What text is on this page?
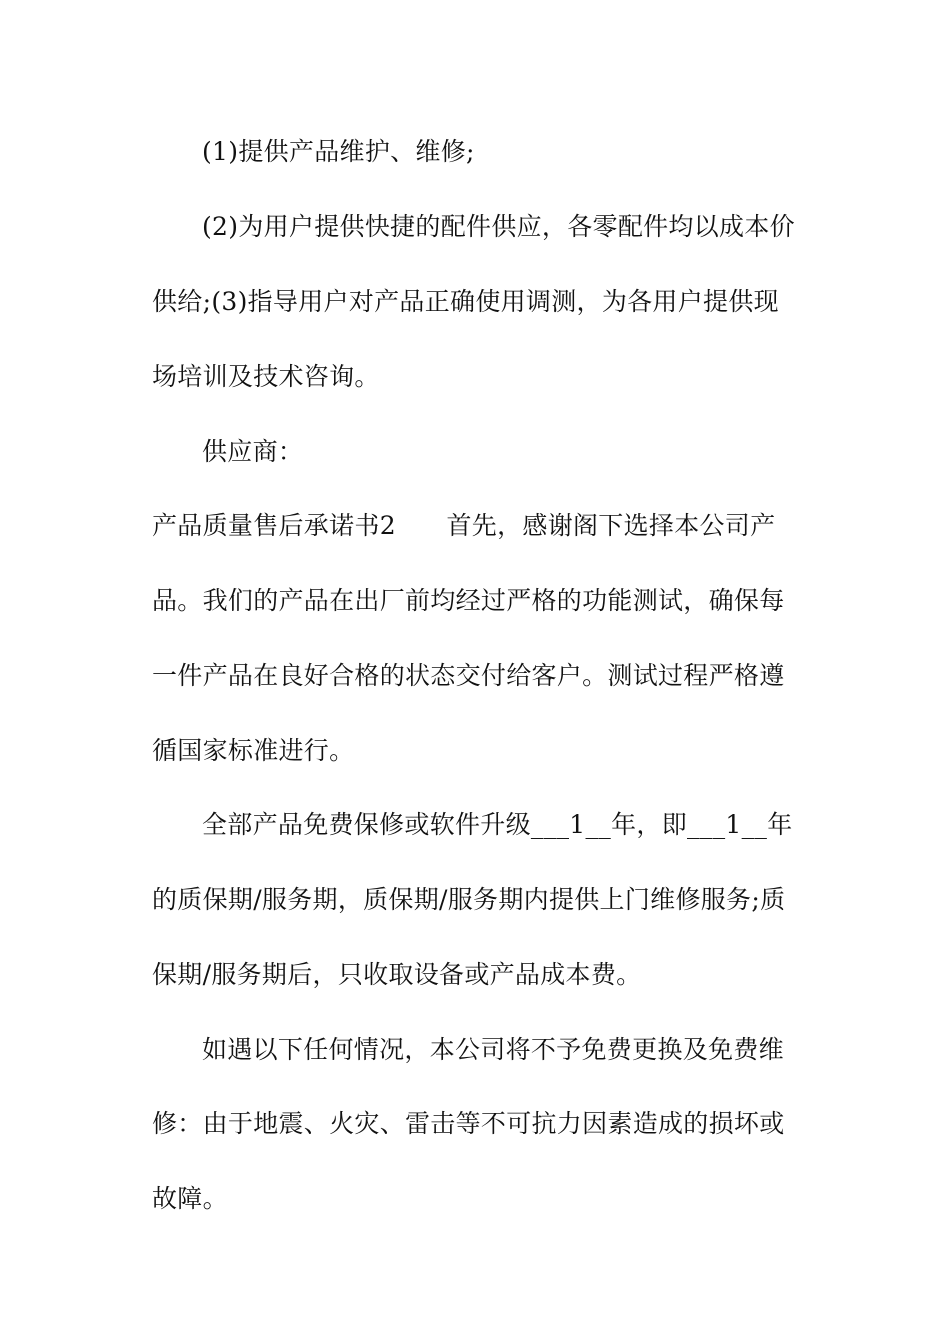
(1)提供产品维护、维修;
(2)为用户提供快捷的配件供应，各零配件均以成本价
供给;(3)指导用户对产品正确使用调测，为各用户提供现
场培训及技术咨询。
供应商：
产品质量售后承诺书2　　首先，感谢阁下选择本公司产
品。我们的产品在出厂前均经过严格的功能测试，确保每
一件产品在良好合格的状态交付给客户。测试过程严格遵
循国家标准进行。
全部产品免费保修或软件升级___1__年，即___1__年
的质保期/服务期，质保期/服务期内提供上门维修服务;质
保期/服务期后，只收取设备或产品成本费。
如遇以下任何情况，本公司将不予免费更换及免费维
修：由于地震、火灾、雷击等不可抗力因素造成的损坏或
故障。
